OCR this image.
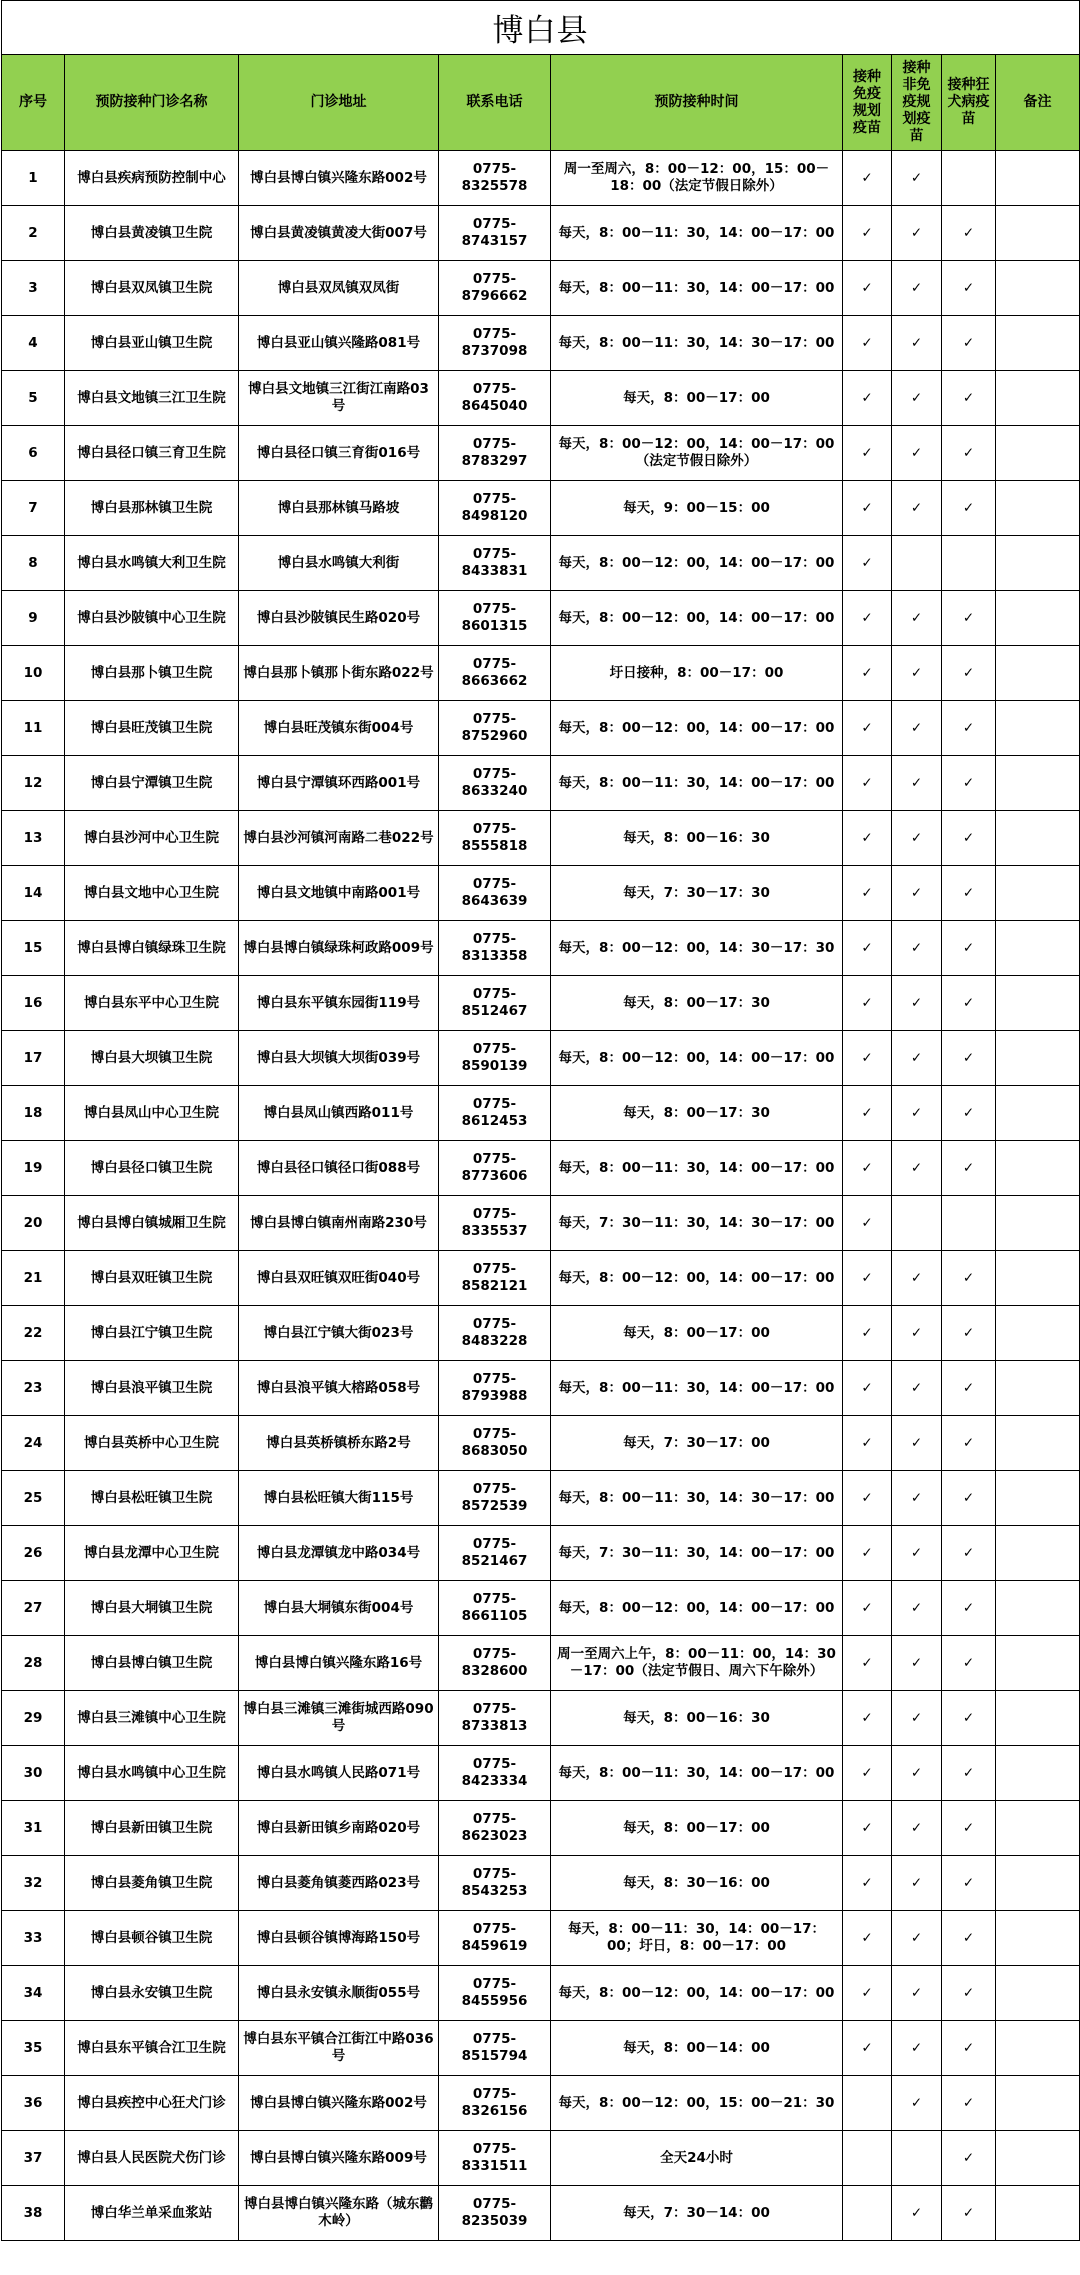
博白县								
序号	预防接种门诊名称	门诊地址	联系电话	预防接种时间	接种免疫规划疫苗	接种非免疫规划疫苗	接种狂犬病疫苗	备注
1	博白县疾病预防控制中心	博白县博白镇兴隆东路002号	0775-8325578	周一至周六，8：00－12：00，15：00－18：00（法定节假日除外）	✓	✓		
2	博白县黄凌镇卫生院	博白县黄凌镇黄凌大街007号	0775-8743157	每天，8：00－11：30，14：00－17：00	✓	✓	✓	
3	博白县双凤镇卫生院	博白县双凤镇双凤街	0775-8796662	每天，8：00－11：30，14：00－17：00	✓	✓	✓	
4	博白县亚山镇卫生院	博白县亚山镇兴隆路081号	0775-8737098	每天，8：00－11：30，14：30－17：00	✓	✓	✓	
5	博白县文地镇三江卫生院	博白县文地镇三江街江南路03号	0775-8645040	每天，8：00－17：00	✓	✓	✓	
6	博白县径口镇三育卫生院	博白县径口镇三育街016号	0775-8783297	每天，8：00－12：00，14：00－17：00（法定节假日除外）	✓	✓	✓	
7	博白县那林镇卫生院	博白县那林镇马路坡	0775-8498120	每天，9：00－15：00	✓	✓	✓	
8	博白县水鸣镇大利卫生院	博白县水鸣镇大利街	0775-8433831	每天，8：00－12：00，14：00－17：00	✓			
9	博白县沙陂镇中心卫生院	博白县沙陂镇民生路020号	0775-8601315	每天，8：00－12：00，14：00－17：00	✓	✓	✓	
10	博白县那卜镇卫生院	博白县那卜镇那卜街东路022号	0775-8663662	圩日接种，8：00－17：00	✓	✓	✓	
11	博白县旺茂镇卫生院	博白县旺茂镇东街004号	0775-8752960	每天，8：00－12：00，14：00－17：00	✓	✓	✓	
12	博白县宁潭镇卫生院	博白县宁潭镇环西路001号	0775-8633240	每天，8：00－11：30，14：00－17：00	✓	✓	✓	
13	博白县沙河中心卫生院	博白县沙河镇河南路二巷022号	0775-8555818	每天，8：00－16：30	✓	✓	✓	
14	博白县文地中心卫生院	博白县文地镇中南路001号	0775-8643639	每天，7：30－17：30	✓	✓	✓	
15	博白县博白镇绿珠卫生院	博白县博白镇绿珠柯政路009号	0775-8313358	每天，8：00－12：00，14：30－17：30	✓	✓	✓	
16	博白县东平中心卫生院	博白县东平镇东园街119号	0775-8512467	每天，8：00－17：30	✓	✓	✓	
17	博白县大坝镇卫生院	博白县大坝镇大坝街039号	0775-8590139	每天，8：00－12：00，14：00－17：00	✓	✓	✓	
18	博白县凤山中心卫生院	博白县凤山镇西路011号	0775-8612453	每天，8：00－17：30	✓	✓	✓	
19	博白县径口镇卫生院	博白县径口镇径口街088号	0775-8773606	每天，8：00－11：30，14：00－17：00	✓	✓	✓	
20	博白县博白镇城厢卫生院	博白县博白镇南州南路230号	0775-8335537	每天，7：30－11：30，14：30－17：00	✓			
21	博白县双旺镇卫生院	博白县双旺镇双旺街040号	0775-8582121	每天，8：00－12：00，14：00－17：00	✓	✓	✓	
22	博白县江宁镇卫生院	博白县江宁镇大街023号	0775-8483228	每天，8：00－17：00	✓	✓	✓	
23	博白县浪平镇卫生院	博白县浪平镇大榕路058号	0775-8793988	每天，8：00－11：30，14：00－17：00	✓	✓	✓	
24	博白县英桥中心卫生院	博白县英桥镇桥东路2号	0775-8683050	每天，7：30－17：00	✓	✓	✓	
25	博白县松旺镇卫生院	博白县松旺镇大街115号	0775-8572539	每天，8：00－11：30，14：30－17：00	✓	✓	✓	
26	博白县龙潭中心卫生院	博白县龙潭镇龙中路034号	0775-8521467	每天，7：30－11：30，14：00－17：00	✓	✓	✓	
27	博白县大垌镇卫生院	博白县大垌镇东街004号	0775-8661105	每天，8：00－12：00，14：00－17：00	✓	✓	✓	
28	博白县博白镇卫生院	博白县博白镇兴隆东路16号	0775-8328600	周一至周六上午，8：00－11：00，14：30－17：00（法定节假日、周六下午除外）	✓	✓	✓	
29	博白县三滩镇中心卫生院	博白县三滩镇三滩街城西路090号	0775-8733813	每天，8：00－16：30	✓	✓	✓	
30	博白县水鸣镇中心卫生院	博白县水鸣镇人民路071号	0775-8423334	每天，8：00－11：30，14：00－17：00	✓	✓	✓	
31	博白县新田镇卫生院	博白县新田镇乡南路020号	0775-8623023	每天，8：00－17：00	✓	✓	✓	
32	博白县菱角镇卫生院	博白县菱角镇菱西路023号	0775-8543253	每天，8：30－16：00	✓	✓	✓	
33	博白县顿谷镇卫生院	博白县顿谷镇博海路150号	0775-8459619	每天，8：00－11：30，14：00－17：00；圩日，8：00－17：00	✓	✓	✓	
34	博白县永安镇卫生院	博白县永安镇永顺街055号	0775-8455956	每天，8：00－12：00，14：00－17：00	✓	✓	✓	
35	博白县东平镇合江卫生院	博白县东平镇合江街江中路036号	0775-8515794	每天，8：00－14：00	✓	✓	✓	
36	博白县疾控中心狂犬门诊	博白县博白镇兴隆东路002号	0775-8326156	每天，8：00－12：00，15：00－21：30		✓	✓	
37	博白县人民医院犬伤门诊	博白县博白镇兴隆东路009号	0775-8331511	全天24小时			✓	
38	博白华兰单采血浆站	博白县博白镇兴隆东路（城东鹳木岭）	0775-8235039	每天，7：30－14：00		✓	✓	
